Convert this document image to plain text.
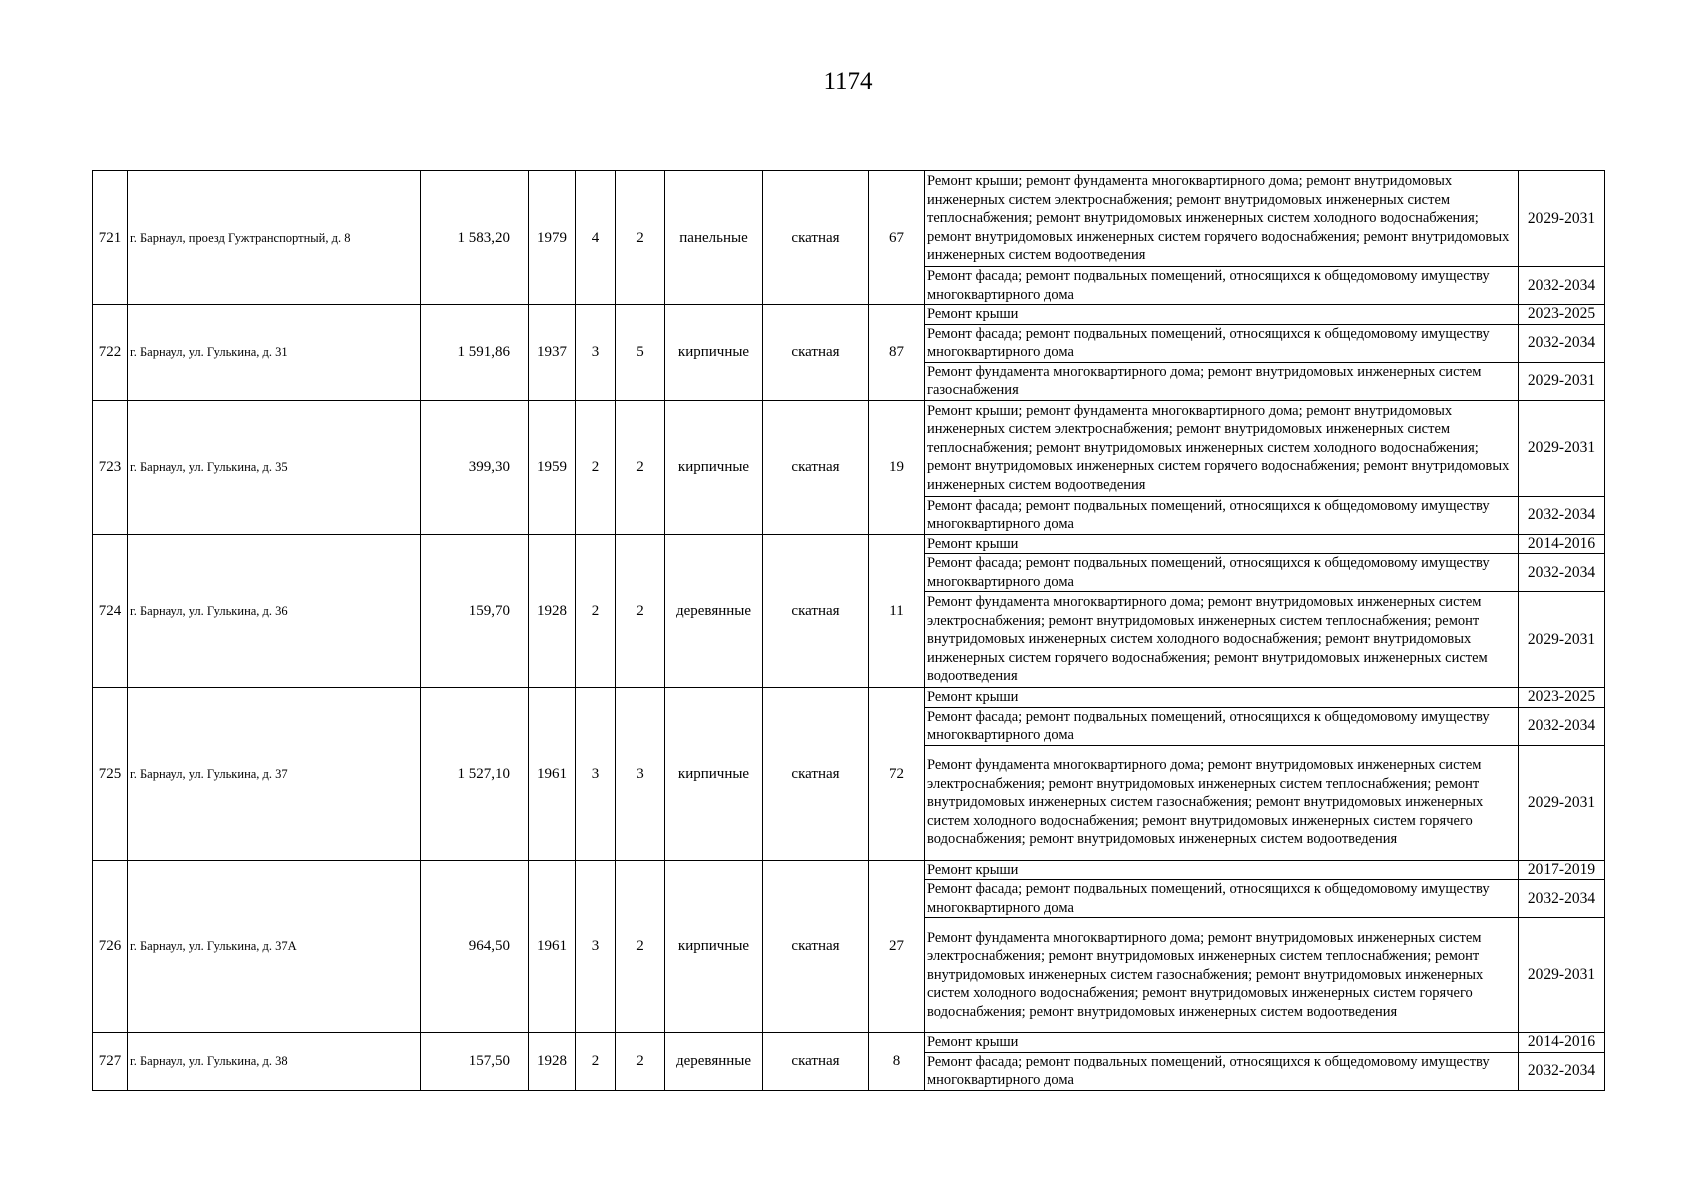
1174
721	г. Барнаул, проезд Гужтранспортный, д. 8	1 583,20	1979	4	2	панельные	скатная	67	Ремонт крыши; ремонт фундамента многоквартирного дома; ремонт внутридомовых инженерных систем электроснабжения; ремонт внутридомовых инженерных систем теплоснабжения; ремонт внутридомовых инженерных систем холодного водоснабжения; ремонт внутридомовых инженерных систем горячего водоснабжения; ремонт внутридомовых инженерных систем водоотведения	2029-2031
									Ремонт фасада; ремонт подвальных помещений, относящихся к общедомовому имуществу многоквартирного дома	2032-2034
722	г. Барнаул, ул. Гулькина, д. 31	1 591,86	1937	3	5	кирпичные	скатная	87	Ремонт крыши	2023-2025
									Ремонт фасада; ремонт подвальных помещений, относящихся к общедомовому имуществу многоквартирного дома	2032-2034
									Ремонт фундамента многоквартирного дома; ремонт внутридомовых инженерных систем газоснабжения	2029-2031
723	г. Барнаул, ул. Гулькина, д. 35	399,30	1959	2	2	кирпичные	скатная	19	Ремонт крыши; ремонт фундамента многоквартирного дома; ремонт внутридомовых инженерных систем электроснабжения; ремонт внутридомовых инженерных систем теплоснабжения; ремонт внутридомовых инженерных систем холодного водоснабжения; ремонт внутридомовых инженерных систем горячего водоснабжения; ремонт внутридомовых инженерных систем водоотведения	2029-2031
									Ремонт фасада; ремонт подвальных помещений, относящихся к общедомовому имуществу многоквартирного дома	2032-2034
724	г. Барнаул, ул. Гулькина, д. 36	159,70	1928	2	2	деревянные	скатная	11	Ремонт крыши	2014-2016
									Ремонт фасада; ремонт подвальных помещений, относящихся к общедомовому имуществу многоквартирного дома	2032-2034
									Ремонт фундамента многоквартирного дома; ремонт внутридомовых инженерных систем электроснабжения; ремонт внутридомовых инженерных систем теплоснабжения; ремонт внутридомовых инженерных систем холодного водоснабжения; ремонт внутридомовых инженерных систем горячего водоснабжения; ремонт внутридомовых инженерных систем водоотведения	2029-2031
725	г. Барнаул, ул. Гулькина, д. 37	1 527,10	1961	3	3	кирпичные	скатная	72	Ремонт крыши	2023-2025
									Ремонт фасада; ремонт подвальных помещений, относящихся к общедомовому имуществу многоквартирного дома	2032-2034
									Ремонт фундамента многоквартирного дома; ремонт внутридомовых инженерных систем электроснабжения; ремонт внутридомовых инженерных систем теплоснабжения; ремонт внутридомовых инженерных систем газоснабжения; ремонт внутридомовых инженерных систем холодного водоснабжения; ремонт внутридомовых инженерных систем горячего водоснабжения; ремонт внутридомовых инженерных систем водоотведения	2029-2031
726	г. Барнаул, ул. Гулькина, д. 37А	964,50	1961	3	2	кирпичные	скатная	27	Ремонт крыши	2017-2019
									Ремонт фасада; ремонт подвальных помещений, относящихся к общедомовому имуществу многоквартирного дома	2032-2034
									Ремонт фундамента многоквартирного дома; ремонт внутридомовых инженерных систем электроснабжения; ремонт внутридомовых инженерных систем теплоснабжения; ремонт внутридомовых инженерных систем газоснабжения; ремонт внутридомовых инженерных систем холодного водоснабжения; ремонт внутридомовых инженерных систем горячего водоснабжения; ремонт внутридомовых инженерных систем водоотведения	2029-2031
727	г. Барнаул, ул. Гулькина, д. 38	157,50	1928	2	2	деревянные	скатная	8	Ремонт крыши	2014-2016
									Ремонт фасада; ремонт подвальных помещений, относящихся к общедомовому имуществу многоквартирного дома	2032-2034
